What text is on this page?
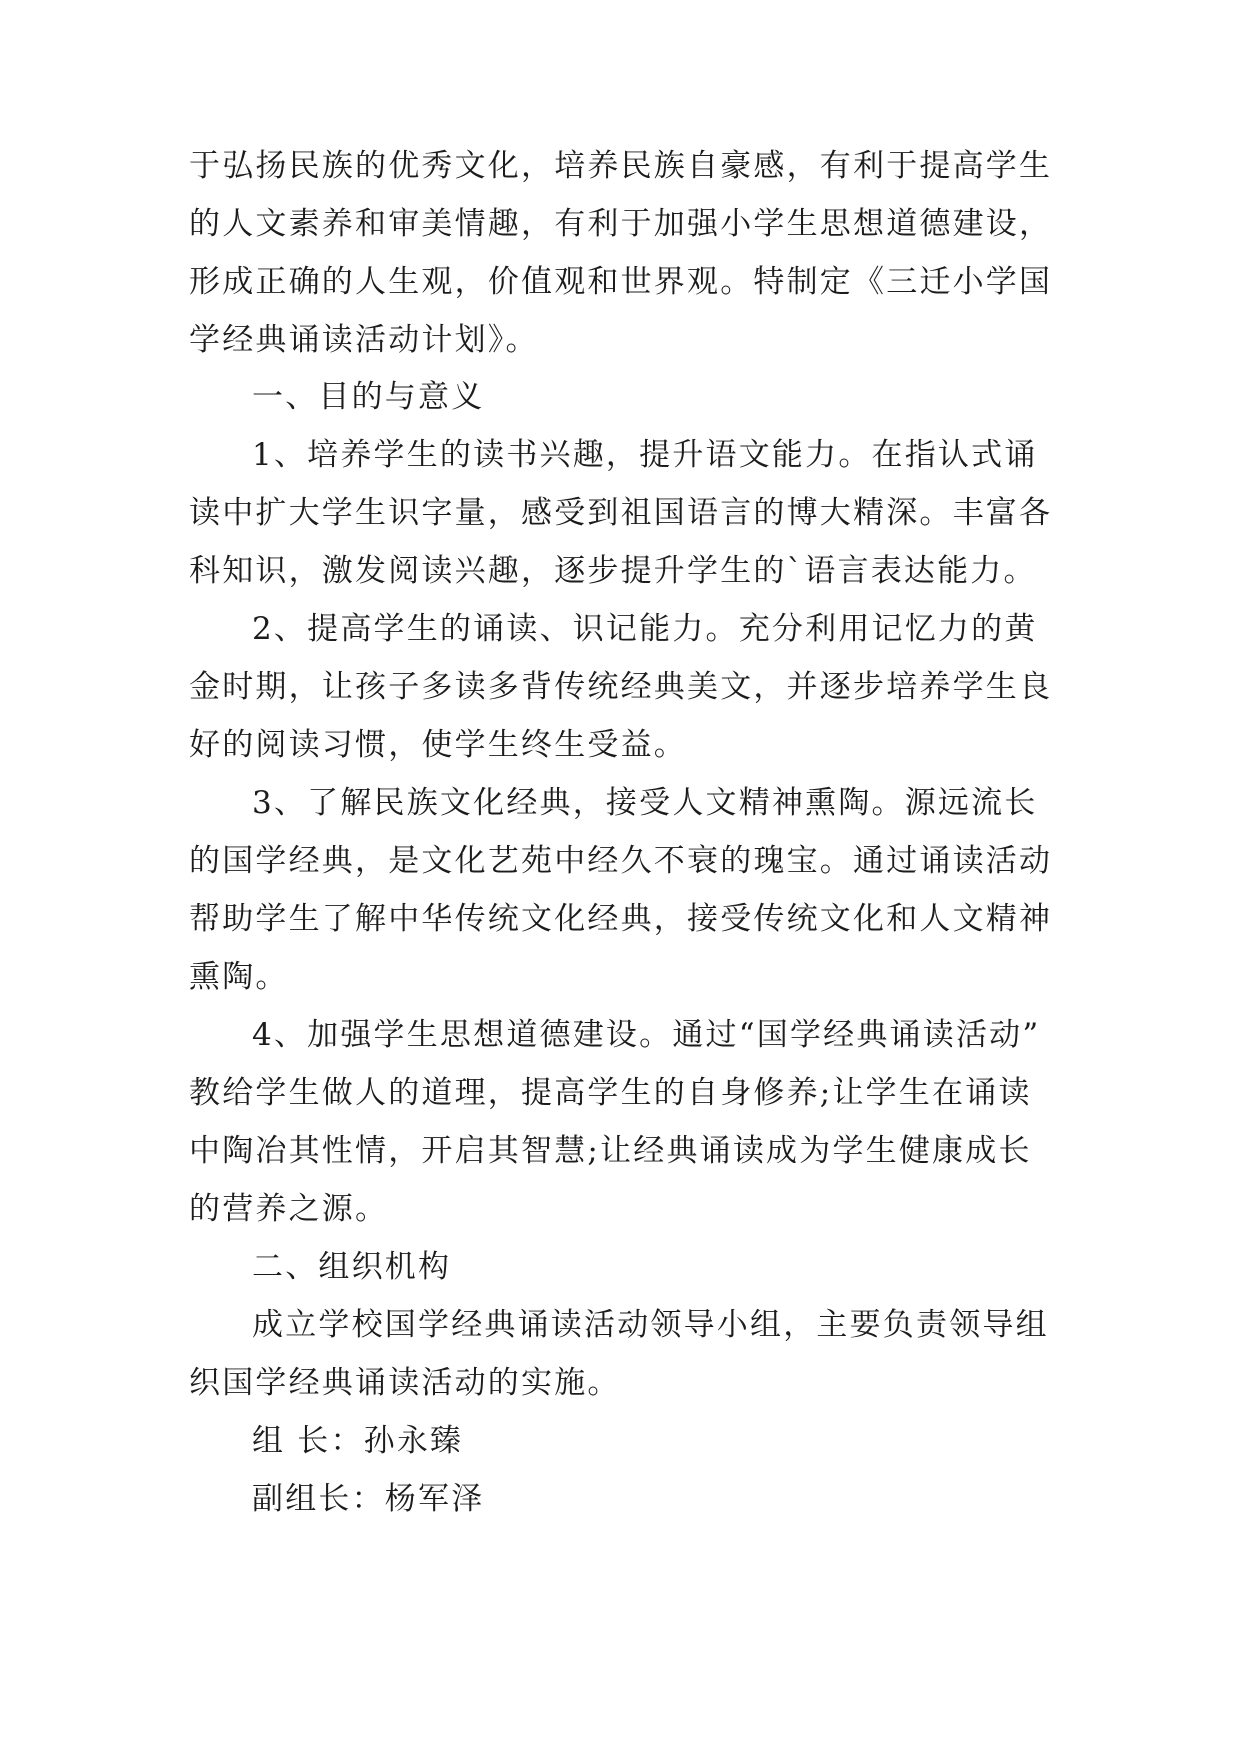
于弘扬民族的优秀文化，培养民族自豪感，有利于提高学生
的人文素养和审美情趣，有利于加强小学生思想道德建设，
形成正确的人生观，价值观和世界观。特制定《三迁小学国
学经典诵读活动计划》。
一、目的与意义
1、培养学生的读书兴趣，提升语文能力。在指认式诵
读中扩大学生识字量，感受到祖国语言的博大精深。丰富各
科知识，激发阅读兴趣，逐步提升学生的`语言表达能力。
2、提高学生的诵读、识记能力。充分利用记忆力的黄
金时期，让孩子多读多背传统经典美文，并逐步培养学生良
好的阅读习惯，使学生终生受益。
3、了解民族文化经典，接受人文精神熏陶。源远流长
的国学经典，是文化艺苑中经久不衰的瑰宝。通过诵读活动
帮助学生了解中华传统文化经典，接受传统文化和人文精神
熏陶。
4、加强学生思想道德建设。通过“国学经典诵读活动”
教给学生做人的道理，提高学生的自身修养;让学生在诵读
中陶冶其性情，开启其智慧;让经典诵读成为学生健康成长
的营养之源。
二、组织机构
成立学校国学经典诵读活动领导小组，主要负责领导组
织国学经典诵读活动的实施。
组 长：孙永臻
副组长：杨军泽
